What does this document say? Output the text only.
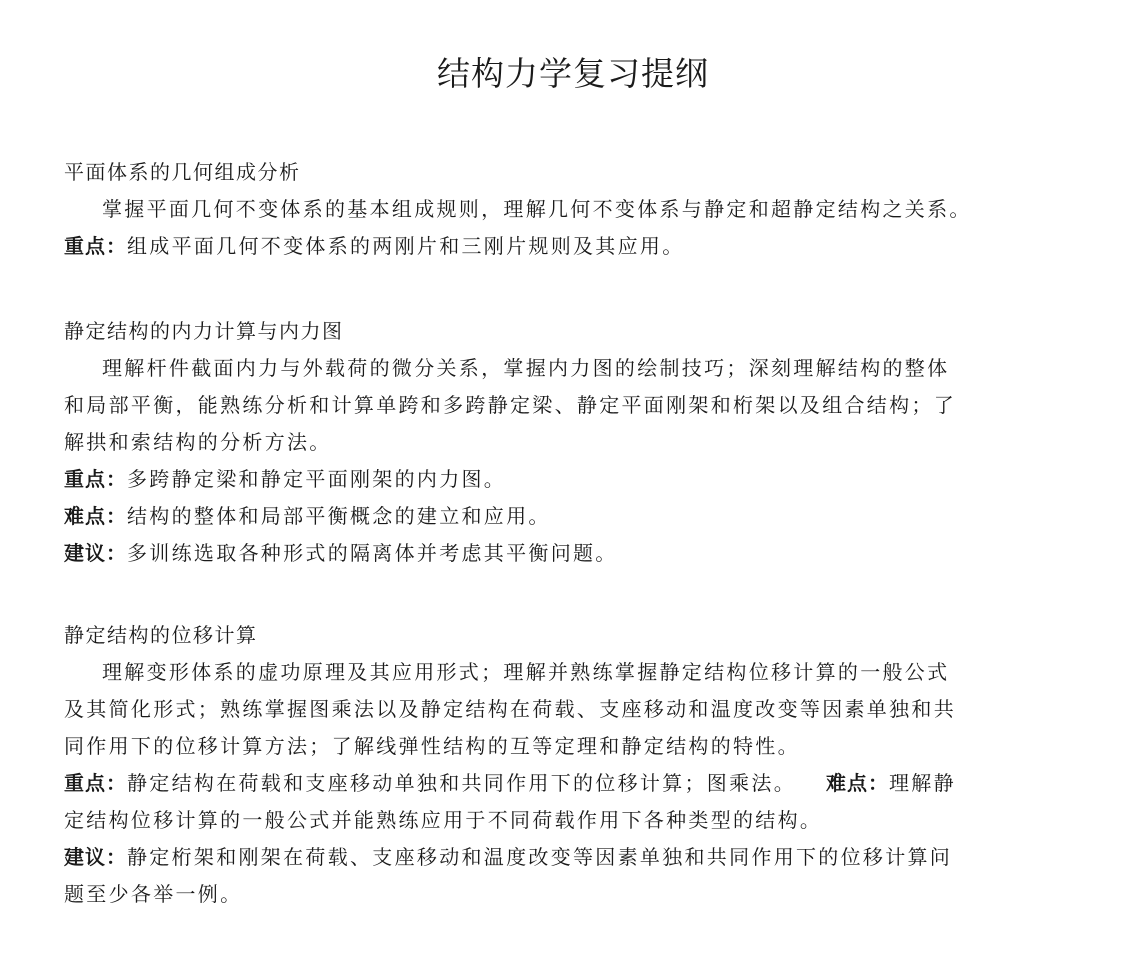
结构力学复习提纲
平面体系的几何组成分析
掌握平面几何不变体系的基本组成规则，理解几何不变体系与静定和超静定结构之关系。
重点：组成平面几何不变体系的两刚片和三刚片规则及其应用。
静定结构的内力计算与内力图
理解杆件截面内力与外载荷的微分关系，掌握内力图的绘制技巧；深刻理解结构的整体
和局部平衡，能熟练分析和计算单跨和多跨静定梁、静定平面刚架和桁架以及组合结构；了
解拱和索结构的分析方法。
重点：多跨静定梁和静定平面刚架的内力图。
难点：结构的整体和局部平衡概念的建立和应用。
建议：多训练选取各种形式的隔离体并考虑其平衡问题。
静定结构的位移计算
理解变形体系的虚功原理及其应用形式；理解并熟练掌握静定结构位移计算的一般公式
及其简化形式；熟练掌握图乘法以及静定结构在荷载、支座移动和温度改变等因素单独和共
同作用下的位移计算方法；了解线弹性结构的互等定理和静定结构的特性。
重点：静定结构在荷载和支座移动单独和共同作用下的位移计算；图乘法。 难点：理解静
定结构位移计算的一般公式并能熟练应用于不同荷载作用下各种类型的结构。
建议：静定桁架和刚架在荷载、支座移动和温度改变等因素单独和共同作用下的位移计算问
题至少各举一例。
